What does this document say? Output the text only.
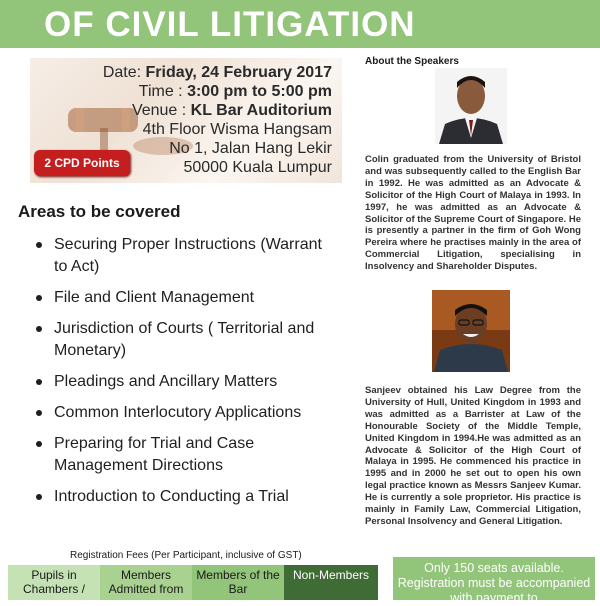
OF CIVIL LITIGATION
Date: Friday, 24 February 2017
Time : 3:00 pm to 5:00 pm
Venue : KL Bar Auditorium
4th Floor Wisma Hangsam
No 1, Jalan Hang Lekir
50000 Kuala Lumpur
2 CPD Points
Areas to be covered
Securing Proper Instructions (Warrant to Act)
File and Client Management
Jurisdiction of Courts ( Territorial and Monetary)
Pleadings and Ancillary Matters
Common Interlocutory Applications
Preparing for Trial and Case Management Directions
Introduction to Conducting a Trial
About the Speakers

Colin graduated from the University of Bristol and was subsequently called to the English Bar in 1992. He was admitted as an Advocate & Solicitor of the High Court of Malaya in 1993. In 1997, he was admitted as an Advocate & Solicitor of the Supreme Court of Singapore. He is presently a partner in the firm of Goh Wong Pereira where he practises mainly in the area of Commercial Litigation, specialising in Insolvency and Shareholder Disputes.

Sanjeev obtained his Law Degree from the University of Hull, United Kingdom in 1993 and was admitted as a Barrister at Law of the Honourable Society of the Middle Temple, United Kingdom in 1994.He was admitted as an Advocate & Solicitor of the High Court of Malaya in 1995. He commenced his practice in 1995 and in 2000 he set out to open his own legal practice known as Messrs Sanjeev Kumar. He is currently a sole proprietor. His practice is mainly in Family Law, Commercial Litigation, Personal Insolvency and General Litigation.

Registration Fees (Per Participant, inclusive of GST)
Pupils in Chambers /
Members Admitted from
Members of the Bar
Non-Members	Only 150 seats available. Registration must be accompanied with payment to
